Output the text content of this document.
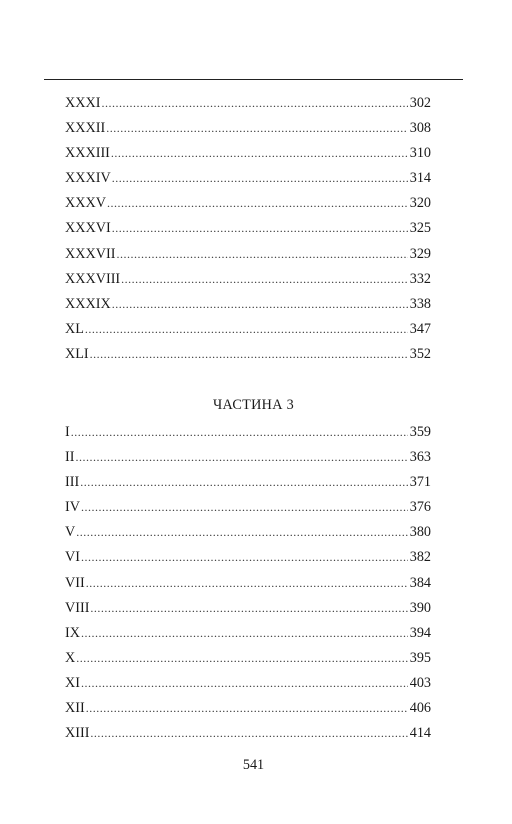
XXXI .....	302
XXXII .....	308
XXXIII .....	310
XXXIV .....	314
XXXV .....	320
XXXVI .....	325
XXXVII .....	329
XXXVIII .....	332
XXXIX .....	338
XL .....	347
XLI .....	352
ЧАСТИНА 3
I .....	359
II .....	363
III .....	371
IV .....	376
V .....	380
VI .....	382
VII .....	384
VIII .....	390
IX .....	394
X .....	395
XI .....	403
XII .....	406
XIII .....	414
541
